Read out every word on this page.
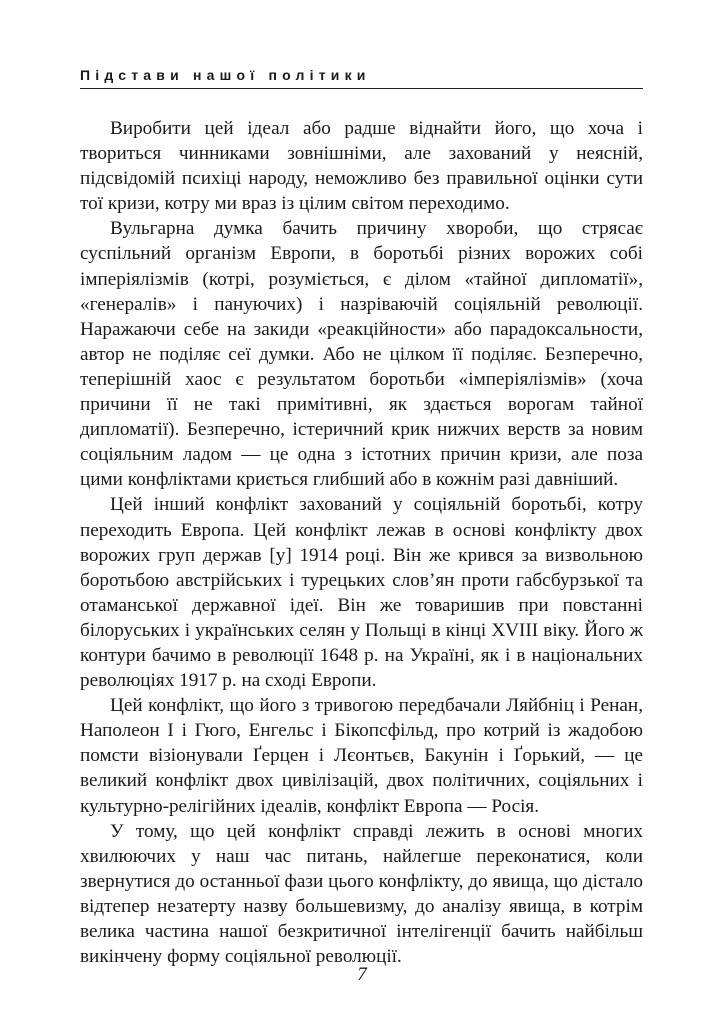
Підстави нашої політики

Виробити цей ідеал або радше віднайти його, що хоча і твориться чинниками зовнішніми, але захований у неясній, підсвідомій психіці народу, неможливо без правильної оцінки сути тої кризи, котру ми враз із цілим світом переходимо.

Вульгарна думка бачить причину хвороби, що стрясає суспільний організм Европи, в боротьбі різних ворожих собі імперіялізмів (котрі, розуміється, є ділом «тайної дипломатії», «генералів» і пануючих) і назріваючій соціяльній революції. Наражаючи себе на закиди «реакційности» або парадоксальности, автор не поділяє сеї думки. Або не цілком її поділяє. Безперечно, теперішній хаос є результатом боротьби «імперіялізмів» (хоча причини її не такі примітивні, як здається ворогам тайної дипломатії). Безперечно, істеричний крик нижчих верств за новим соціяльним ладом — це одна з істотних причин кризи, але поза цими конфліктами криється глибший або в кожнім разі давніший.

Цей інший конфлікт захований у соціяльній боротьбі, котру переходить Европа. Цей конфлікт лежав в основі конфлікту двох ворожих груп держав [у] 1914 році. Він же крився за визвольною боротьбою австрійських і турецьких слов’ян проти габсбурзької та отаманської державної ідеї. Він же товаришив при повстанні білоруських і українських селян у Польщі в кінці XVIII віку. Його ж контури бачимо в революції 1648 р. на Україні, як і в національних революціях 1917 р. на сході Европи.

Цей конфлікт, що його з тривогою передбачали Ляйбніц і Ренан, Наполеон I і Гюго, Енгельс і Бікопсфільд, про котрий із жадобою помсти візіонували Ґерцен і Лєонтьєв, Бакунін і Ґорький, — це великий конфлікт двох цивілізацій, двох політичних, соціяльних і культурно-релігійних ідеалів, конфлікт Европа — Росія.

У тому, що цей конфлікт справді лежить в основі многих хвилюючих у наш час питань, найлегше переконатися, коли звернутися до останньої фази цього конфлікту, до явища, що дістало відтепер незатерту назву большевизму, до аналізу явища, в котрім велика частина нашої безкритичної інтелігенції бачить найбільш викінчену форму соціяльної революції.

7
